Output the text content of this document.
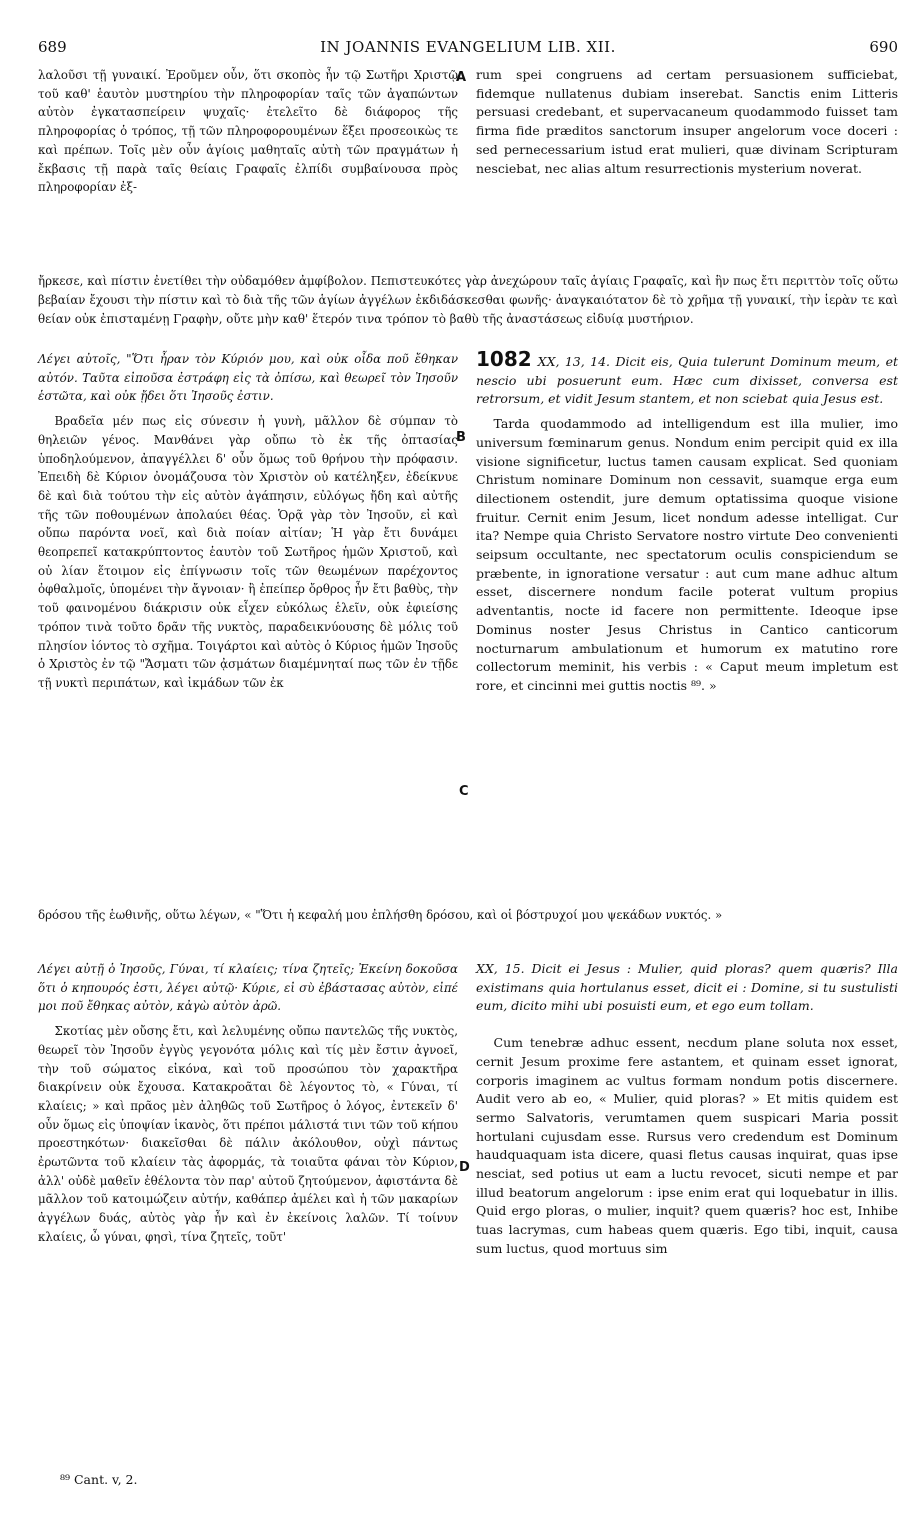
689	IN JOANNIS EVANGELIUM LIB. XII.	690
A
B
C
D

λαλοῦσι τῇ γυναικί. Ἐροῦμεν οὖν, ὅτι σκοπὸς ἦν τῷ Σωτῆρι Χριστῷ τοῦ καθ' ἑαυτὸν μυστηρίου τὴν πληροφορίαν ταῖς τῶν ἀγαπώντων αὐτὸν ἐγκατασπείρειν ψυχαῖς· ἐτελεῖτο δὲ διάφορος τῆς πληροφορίας ὁ τρόπος, τῇ τῶν πληροφορουμένων ἕξει προσεοικὼς τε καὶ πρέπων. Τοῖς μὲν οὖν ἁγίοις μαθηταῖς αὐτὴ τῶν πραγμάτων ἡ ἔκβασις τῇ παρὰ ταῖς θείαις Γραφαῖς ἐλπίδι συμβαίνουσα πρὸς πληροφορίαν ἐξ-

rum spei congruens ad certam persuasionem sufficiebat, fidemque nullatenus dubiam inserebat. Sanctis enim Litteris persuasi credebant, et supervacaneum quodammodo fuisset tam firma fide præditos sanctorum insuper angelorum voce doceri : sed pernecessarium istud erat mulieri, quæ divinam Scripturam nesciebat, nec alias altum resurrectionis mysterium noverat.

ἤρκεσε, καὶ πίστιν ἐνετίθει τὴν οὐδαμόθεν ἀμφίβολον. Πεπιστευκότες γὰρ ἀνεχώρουν ταῖς ἁγίαις Γραφαῖς, καὶ ἣν πως ἔτι περιττὸν τοῖς οὕτω βεβαίαν ἔχουσι τὴν πίστιν καὶ τὸ διὰ τῆς τῶν ἁγίων ἀγγέλων ἐκδιδάσκεσθαι φωνῆς· ἀναγκαιότατον δὲ τὸ χρῆμα τῇ γυναικί, τὴν ἱερὰν τε καὶ θείαν οὐκ ἐπισταμένῃ Γραφὴν, οὔτε μὴν καθ' ἕτερόν τινα τρόπον τὸ βαθὺ τῆς ἀναστάσεως εἰδυίᾳ μυστήριον.

Λέγει αὐτοῖς, "Ὅτι ἦραν τὸν Κύριόν μου, καὶ οὐκ οἶδα ποῦ ἔθηκαν αὐτόν. Ταῦτα εἰποῦσα ἐστράφη εἰς τὰ ὀπίσω, καὶ θεωρεῖ τὸν Ἰησοῦν ἑστῶτα, καὶ οὐκ ᾔδει ὅτι Ἰησοῦς ἐστιν.

Βραδεῖα μέν πως εἰς σύνεσιν ἡ γυνὴ, μᾶλλον δὲ σύμπαν τὸ θηλειῶν γένος. Μανθάνει γὰρ οὔπω τὸ ἐκ τῆς ὀπτασίας ὑποδηλούμενον, ἀπαγγέλλει δ' οὖν ὅμως τοῦ θρήνου τὴν πρόφασιν. Ἐπειδὴ δὲ Κύριον ὀνομάζουσα τὸν Χριστὸν οὐ κατέληξεν, ἐδείκνυε δὲ καὶ διὰ τούτου τὴν εἰς αὐτὸν ἀγάπησιν, εὐλόγως ἤδη καὶ αὐτῆς τῆς τῶν ποθουμένων ἀπολαύει θέας. Ὁρᾷ γὰρ τὸν Ἰησοῦν, εἰ καὶ οὔπω παρόντα νοεῖ, καὶ διὰ ποίαν αἰτίαν; Ἡ γὰρ ἔτι δυνάμει θεοπρεπεῖ κατακρύπτοντος ἑαυτὸν τοῦ Σωτῆρος ἡμῶν Χριστοῦ, καὶ οὐ λίαν ἕτοιμον εἰς ἐπίγνωσιν τοῖς τῶν θεωμένων παρέχοντος ὀφθαλμοῖς, ὑπομένει τὴν ἄγνοιαν· ἢ ἐπείπερ ὄρθρος ἦν ἔτι βαθὺς, τὴν τοῦ φαινομένου διάκρισιν οὐκ εἶχεν εὐκόλως ἑλεῖν, οὐκ ἐφιείσης τρόπον τινὰ τοῦτο δρᾶν τῆς νυκτὸς, παραδεικνύουσης δὲ μόλις τοῦ πλησίον ἰόντος τὸ σχῆμα. Τοιγάρτοι καὶ αὐτὸς ὁ Κύριος ἡμῶν Ἰησοῦς ὁ Χριστὸς ἐν τῷ "Ἄσματι τῶν ᾀσμάτων διαμέμνηταί πως τῶν ἐν τῇδε τῇ νυκτὶ περιπάτων, καὶ ἰκμάδων τῶν ἐκ

1082 XX, 13, 14. Dicit eis, Quia tulerunt Dominum meum, et nescio ubi posuerunt eum. Hæc cum dixisset, conversa est retrorsum, et vidit Jesum stantem, et non sciebat quia Jesus est.

Tarda quodammodo ad intelligendum est illa mulier, imo universum fœminarum genus. Nondum enim percipit quid ex illa visione significetur, luctus tamen causam explicat. Sed quoniam Christum nominare Dominum non cessavit, suamque erga eum dilectionem ostendit, jure demum optatissima quoque visione fruitur. Cernit enim Jesum, licet nondum adesse intelligat. Cur ita? Nempe quia Christo Servatore nostro virtute Deo convenienti seipsum occultante, nec spectatorum oculis conspiciendum se præbente, in ignoratione versatur : aut cum mane adhuc altum esset, discernere nondum facile poterat vultum propius adventantis, nocte id facere non permittente. Ideoque ipse Dominus noster Jesus Christus in Cantico canticorum nocturnarum ambulationum et humorum ex matutino rore collectorum meminit, his verbis : « Caput meum impletum est rore, et cincinni mei guttis noctis ⁸⁹. »

δρόσου τῆς ἑωθινῆς, οὕτω λέγων, « "Ὅτι ἡ κεφαλή μου ἐπλήσθη δρόσου, καὶ οἱ βόστρυχοί μου ψεκάδων νυκτός. »

Λέγει αὐτῇ ὁ Ἰησοῦς, Γύναι, τί κλαίεις; τίνα ζητεῖς; Ἐκείνη δοκοῦσα ὅτι ὁ κηπουρός ἐστι, λέγει αὐτῷ· Κύριε, εἰ σὺ ἐβάστασας αὐτὸν, εἰπέ μοι ποῦ ἔθηκας αὐτὸν, κἀγὼ αὐτὸν ἀρῶ.

Σκοτίας μὲν οὔσης ἔτι, καὶ λελυμένης οὔπω παντελῶς τῆς νυκτὸς, θεωρεῖ τὸν Ἰησοῦν ἐγγὺς γεγονότα μόλις καὶ τίς μὲν ἔστιν ἀγνοεῖ, τὴν τοῦ σώματος εἰκόνα, καὶ τοῦ προσώπου τὸν χαρακτῆρα διακρίνειν οὐκ ἔχουσα. Κατακροᾶται δὲ λέγοντος τὸ, « Γύναι, τί κλαίεις; » καὶ πρᾶος μὲν ἀληθῶς τοῦ Σωτῆρος ὁ λόγος, ἐντεκεῖν δ' οὖν ὅμως εἰς ὑποψίαν ἱκανὸς, ὅτι πρέποι μάλιστά τινι τῶν τοῦ κήπου προεστηκότων· διακεῖσθαι δὲ πάλιν ἀκόλουθον, οὐχὶ πάντως ἐρωτῶντα τοῦ κλαίειν τὰς ἀφορμάς, τὰ τοιαῦτα φάναι τὸν Κύριον, ἀλλ' οὐδὲ μαθεῖν ἐθέλοντα τὸν παρ' αὐτοῦ ζητούμενον, ἀφιστάντα δὲ μᾶλλον τοῦ κατοιμώζειν αὐτήν, καθάπερ ἀμέλει καὶ ἡ τῶν μακαρίων ἀγγέλων δυάς, αὐτὸς γὰρ ἦν καὶ ἐν ἐκείνοις λαλῶν. Τί τοίνυν κλαίεις, ὦ γύναι, φησὶ, τίνα ζητεῖς, τοῦτ'

XX, 15. Dicit ei Jesus : Mulier, quid ploras? quem quæris? Illa existimans quia hortulanus esset, dicit ei : Domine, si tu sustulisti eum, dicito mihi ubi posuisti eum, et ego eum tollam.

Cum tenebræ adhuc essent, necdum plane soluta nox esset, cernit Jesum proxime fere astantem, et quinam esset ignorat, corporis imaginem ac vultus formam nondum potis discernere. Audit vero ab eo, « Mulier, quid ploras? » Et mitis quidem est sermo Salvatoris, verumtamen quem suspicari Maria possit hortulani cujusdam esse. Rursus vero credendum est Dominum haudquaquam ista dicere, quasi fletus causas inquirat, quas ipse nesciat, sed potius ut eam a luctu revocet, sicuti nempe et par illud beatorum angelorum : ipse enim erat qui loquebatur in illis. Quid ergo ploras, o mulier, inquit? quem quæris? hoc est, Inhibe tuas lacrymas, cum habeas quem quæris. Ego tibi, inquit, causa sum luctus, quod mortuus sim

⁸⁹ Cant. v, 2.
